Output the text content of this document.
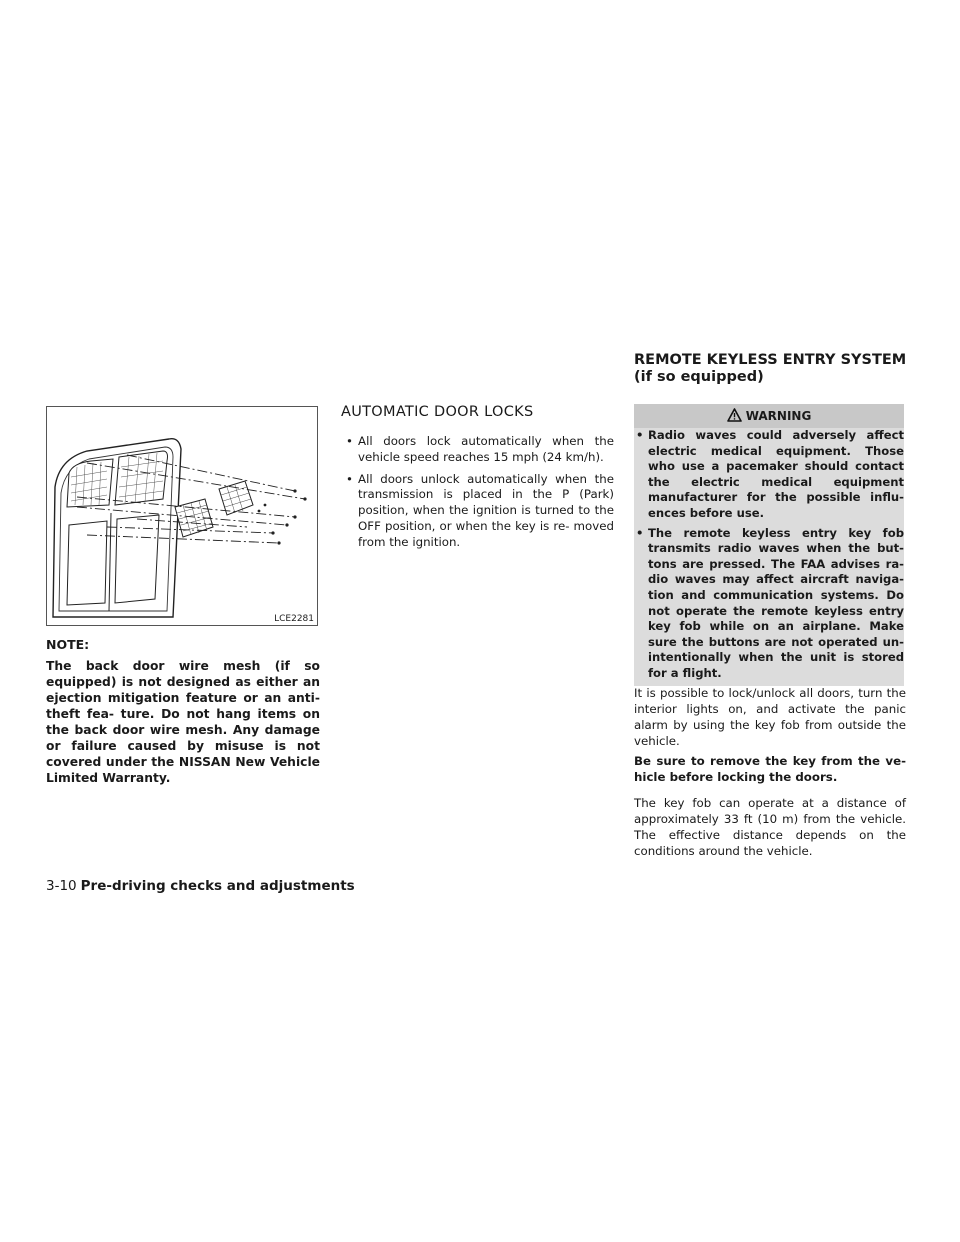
LCE2281
NOTE:

The back door wire mesh (if so equipped) is not designed as either an ejection mitigation feature or an anti-theft fea- ture. Do not hang items on the back door wire mesh. Any damage or failure caused by misuse is not covered under the NISSAN New Vehicle Limited Warranty.

AUTOMATIC DOOR LOCKS
• All doors lock automatically when the vehicle speed reaches 15 mph (24 km/h).
• All doors unlock automatically when the transmission is placed in the P (Park) position, when the ignition is turned to the OFF position, or when the key is re- moved from the ignition.
REMOTE KEYLESS ENTRY SYSTEM (if so equipped)
WARNING
• Radio waves could adversely affect electric medical equipment. Those who use a pacemaker should contact the electric medical equipment manufacturer for the possible influ- ences before use.
• The remote keyless entry key fob transmits radio waves when the but- tons are pressed. The FAA advises ra- dio waves may affect aircraft naviga- tion and communication systems. Do not operate the remote keyless entry key fob while on an airplane. Make sure the buttons are not operated un- intentionally when the unit is stored for a flight.

It is possible to lock/unlock all doors, turn the interior lights on, and activate the panic alarm by using the key fob from outside the vehicle.

Be sure to remove the key from the ve- hicle before locking the doors.

The key fob can operate at a distance of approximately 33 ft (10 m) from the vehicle. The effective distance depends on the conditions around the vehicle.

3-10 Pre-driving checks and adjustments
